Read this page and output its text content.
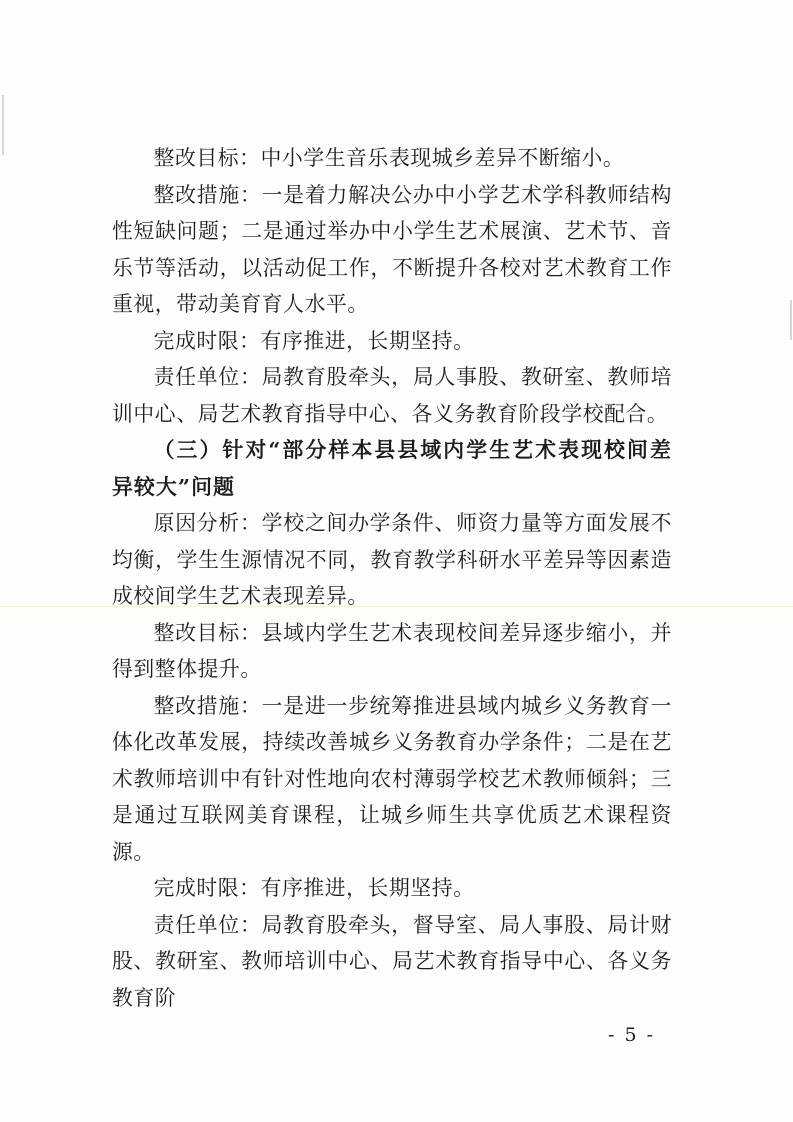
整改目标：中小学生音乐表现城乡差异不断缩小。

整改措施：一是着力解决公办中小学艺术学科教师结构性短缺问题；二是通过举办中小学生艺术展演、艺术节、音乐节等活动，以活动促工作，不断提升各校对艺术教育工作重视，带动美育育人水平。

完成时限：有序推进，长期坚持。

责任单位：局教育股牵头，局人事股、教研室、教师培训中心、局艺术教育指导中心、各义务教育阶段学校配合。

（三）针对“部分样本县县域内学生艺术表现校间差异较大”问题

原因分析：学校之间办学条件、师资力量等方面发展不均衡，学生生源情况不同，教育教学科研水平差异等因素造成校间学生艺术表现差异。

整改目标：县域内学生艺术表现校间差异逐步缩小，并得到整体提升。

整改措施：一是进一步统筹推进县域内城乡义务教育一体化改革发展，持续改善城乡义务教育办学条件；二是在艺术教师培训中有针对性地向农村薄弱学校艺术教师倾斜；三是通过互联网美育课程，让城乡师生共享优质艺术课程资源。

完成时限：有序推进，长期坚持。

责任单位：局教育股牵头，督导室、局人事股、局计财股、教研室、教师培训中心、局艺术教育指导中心、各义务教育阶

- 5 -
